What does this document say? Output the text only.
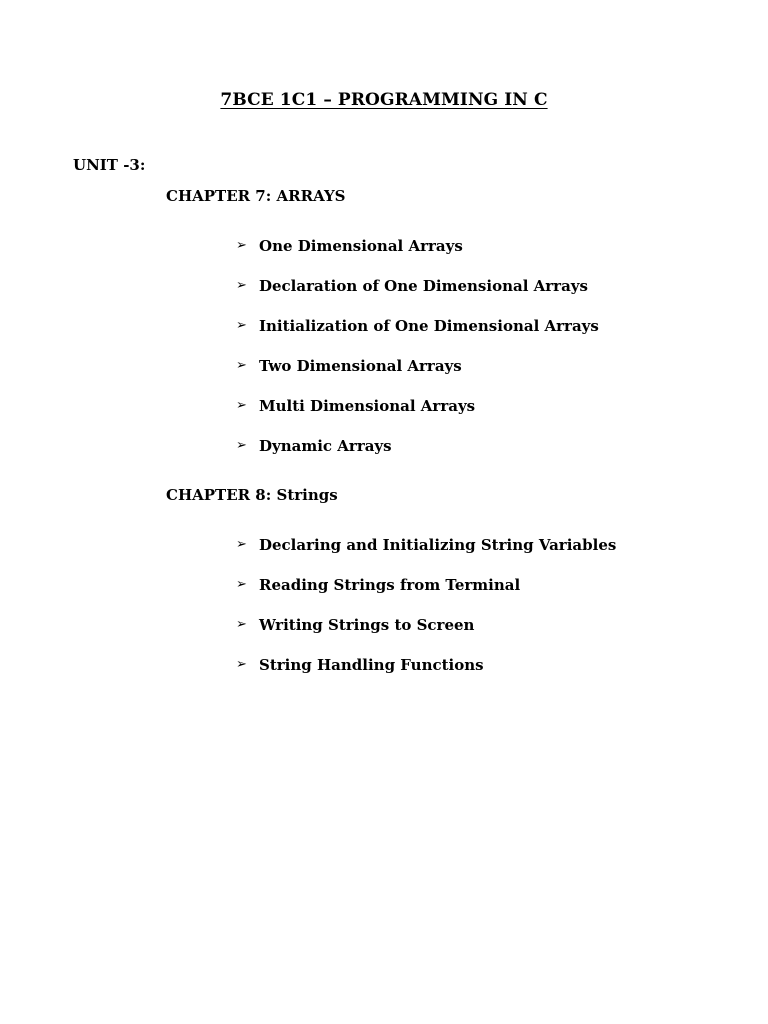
7BCE 1C1 – PROGRAMMING IN C
UNIT -3:
CHAPTER 7: ARRAYS
➢ One Dimensional Arrays
➢ Declaration of One Dimensional Arrays
➢ Initialization of One Dimensional Arrays
➢ Two Dimensional Arrays
➢ Multi Dimensional Arrays
➢ Dynamic Arrays
CHAPTER 8: Strings
➢ Declaring and Initializing String Variables
➢ Reading Strings from Terminal
➢ Writing Strings to Screen
➢ String Handling Functions
